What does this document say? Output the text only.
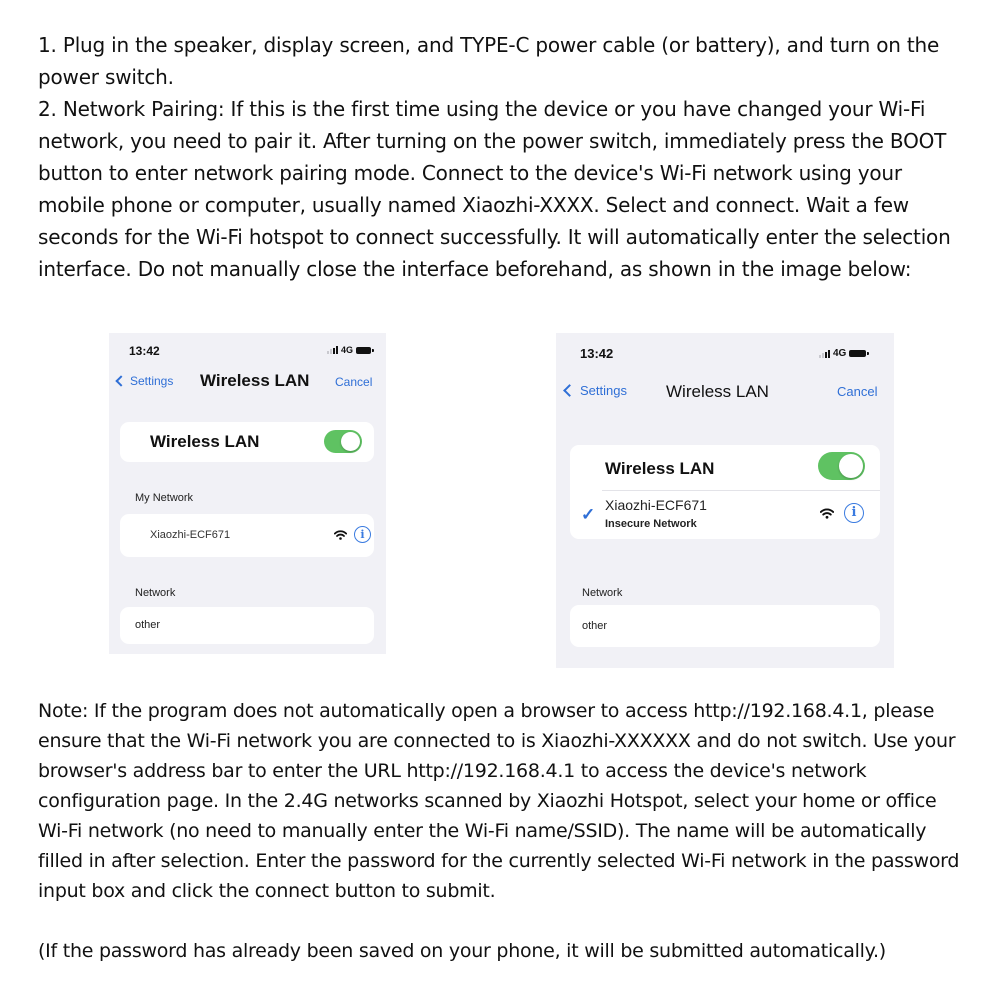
1. Plug in the speaker, display screen, and TYPE-C power cable (or battery), and turn on the power switch.

2. Network Pairing: If this is the first time using the device or you have changed your Wi-Fi network, you need to pair it. After turning on the power switch, immediately press the BOOT button to enter network pairing mode. Connect to the device's Wi-Fi network using your mobile phone or computer, usually named Xiaozhi-XXXX. Select and connect. Wait a few seconds for the Wi-Fi hotspot to connect successfully. It will automatically enter the selection interface. Do not manually close the interface beforehand, as shown in the image below:

13:42	4G
Settings Wireless LAN Cancel
Wireless LAN
My Network
Xiaozhi-ECF671	i
Network
other
13:42	4G
Settings Wireless LAN	Cancel
Wireless LAN
✓ Xiaozhi-ECF671
Insecure Network
i
Network
other

Note: If the program does not automatically open a browser to access http://192.168.4.1, please ensure that the Wi-Fi network you are connected to is Xiaozhi-XXXXXX and do not switch. Use your browser's address bar to enter the URL http://192.168.4.1 to access the device's network configuration page. In the 2.4G networks scanned by Xiaozhi Hotspot, select your home or office Wi-Fi network (no need to manually enter the Wi-Fi name/SSID). The name will be automatically filled in after selection. Enter the password for the currently selected Wi-Fi network in the password input box and click the connect button to submit.

(If the password has already been saved on your phone, it will be submitted automatically.)
